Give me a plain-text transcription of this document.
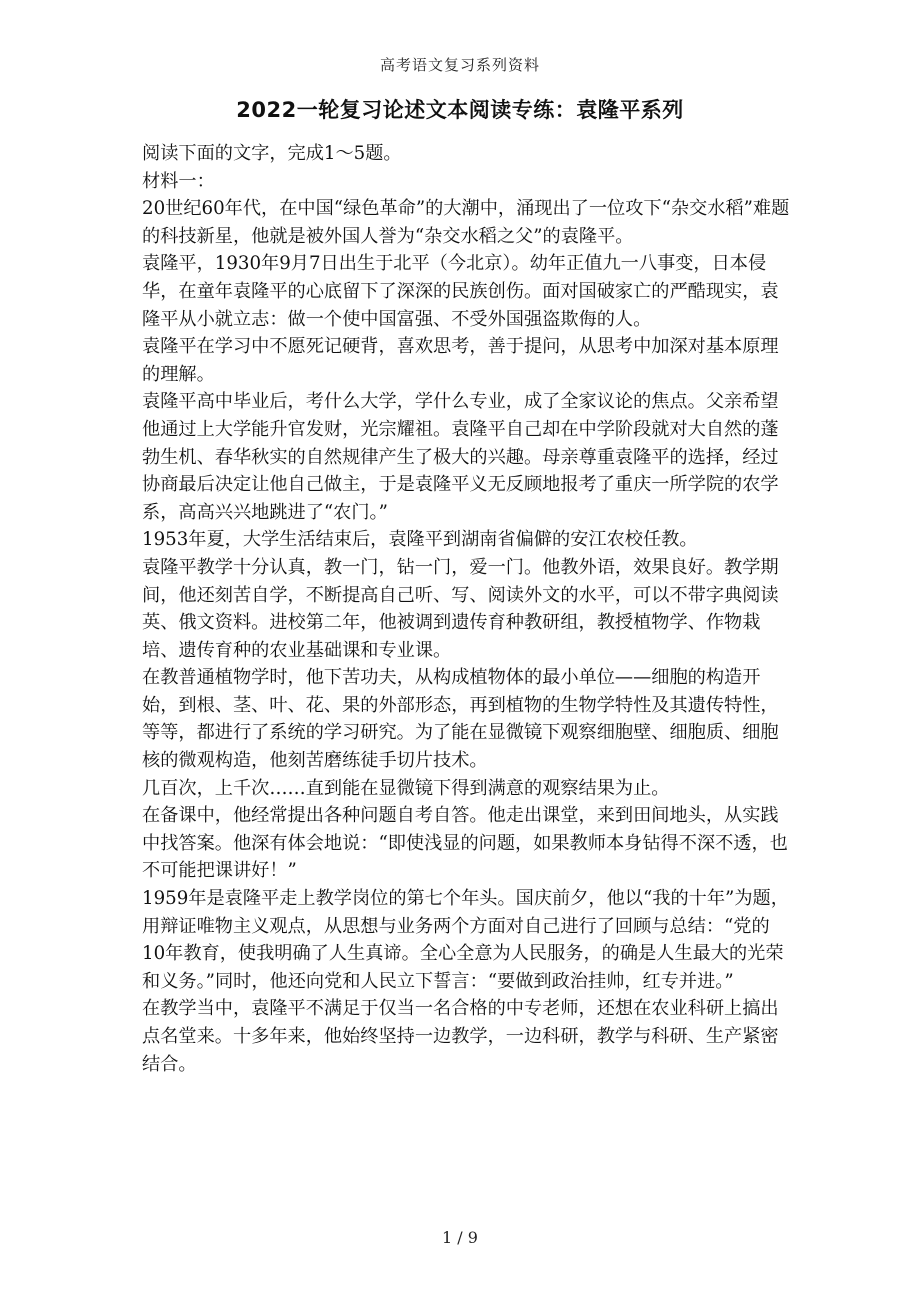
高考语文复习系列资料
2022一轮复习论述文本阅读专练：袁隆平系列

阅读下面的文字，完成1～5题。

材料一：

20世纪60年代，在中国“绿色革命”的大潮中，涌现出了一位攻下“杂交水稻”难题的科技新星，他就是被外国人誉为“杂交水稻之父”的袁隆平。

袁隆平，1930年9月7日出生于北平（今北京）。幼年正值九一八事变，日本侵华，在童年袁隆平的心底留下了深深的民族创伤。面对国破家亡的严酷现实，袁隆平从小就立志：做一个使中国富强、不受外国强盗欺侮的人。

袁隆平在学习中不愿死记硬背，喜欢思考，善于提问，从思考中加深对基本原理的理解。

袁隆平高中毕业后，考什么大学，学什么专业，成了全家议论的焦点。父亲希望他通过上大学能升官发财，光宗耀祖。袁隆平自己却在中学阶段就对大自然的蓬勃生机、春华秋实的自然规律产生了极大的兴趣。母亲尊重袁隆平的选择，经过协商最后决定让他自己做主，于是袁隆平义无反顾地报考了重庆一所学院的农学系，高高兴兴地跳进了“农门。”

1953年夏，大学生活结束后，袁隆平到湖南省偏僻的安江农校任教。

袁隆平教学十分认真，教一门，钻一门，爱一门。他教外语，效果良好。教学期间，他还刻苦自学，不断提高自己听、写、阅读外文的水平，可以不带字典阅读英、俄文资料。进校第二年，他被调到遗传育种教研组，教授植物学、作物栽培、遗传育种的农业基础课和专业课。

在教普通植物学时，他下苦功夫，从构成植物体的最小单位——细胞的构造开始，到根、茎、叶、花、果的外部形态，再到植物的生物学特性及其遗传特性，等等，都进行了系统的学习研究。为了能在显微镜下观察细胞壁、细胞质、细胞核的微观构造，他刻苦磨练徒手切片技术。

几百次，上千次……直到能在显微镜下得到满意的观察结果为止。

在备课中，他经常提出各种问题自考自答。他走出课堂，来到田间地头，从实践中找答案。他深有体会地说：“即使浅显的问题，如果教师本身钻得不深不透，也不可能把课讲好！”

1959年是袁隆平走上教学岗位的第七个年头。国庆前夕，他以“我的十年”为题，用辩证唯物主义观点，从思想与业务两个方面对自己进行了回顾与总结：“党的10年教育，使我明确了人生真谛。全心全意为人民服务，的确是人生最大的光荣和义务。”同时，他还向党和人民立下誓言：“要做到政治挂帅，红专并进。”

在教学当中，袁隆平不满足于仅当一名合格的中专老师，还想在农业科研上搞出点名堂来。十多年来，他始终坚持一边教学，一边科研，教学与科研、生产紧密结合。

1 / 9
